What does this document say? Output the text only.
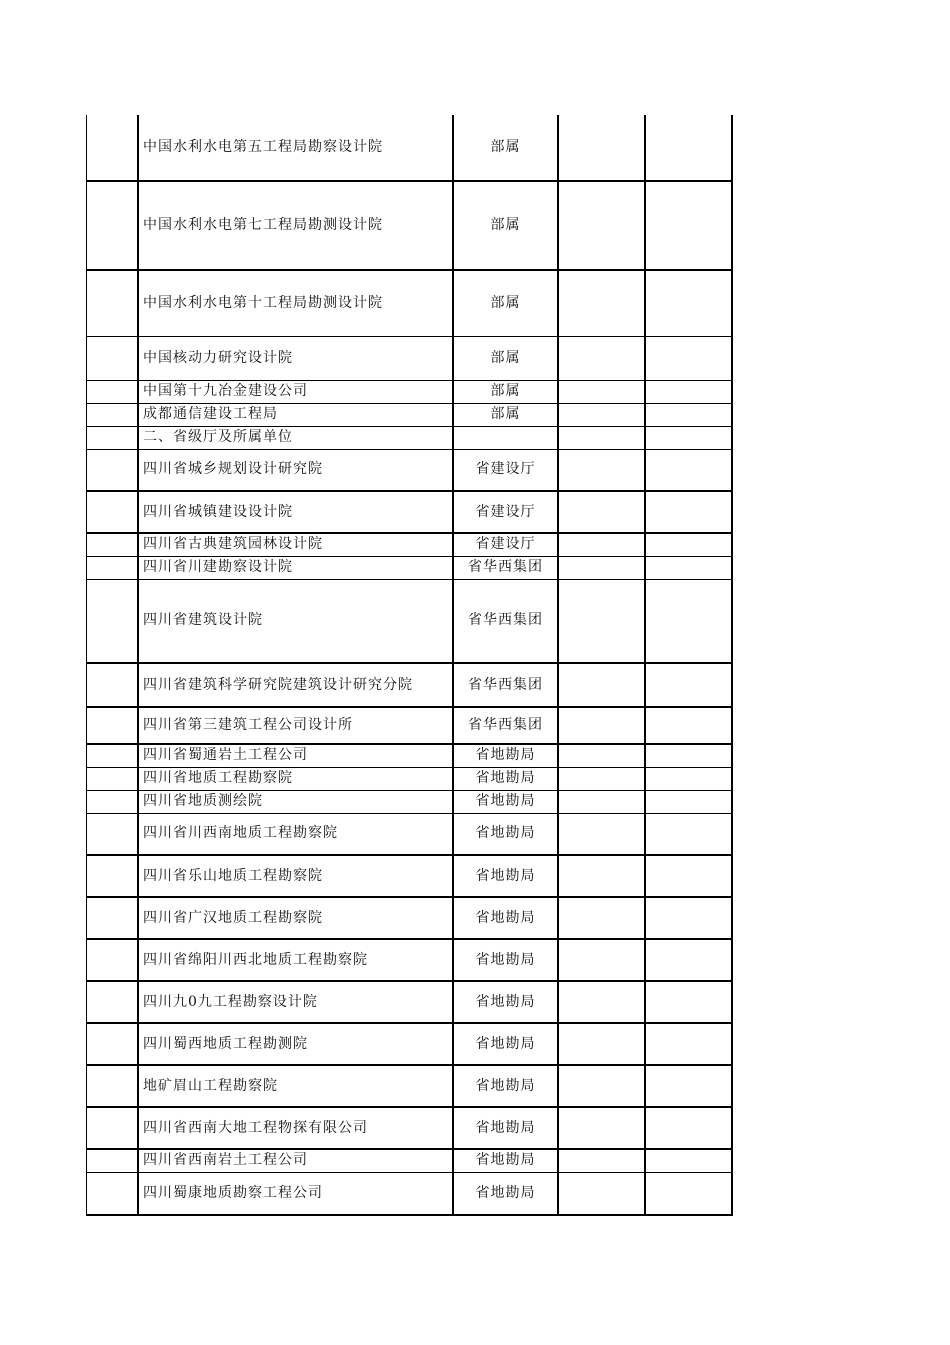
	中国水利水电第五工程局勘察设计院	部属		
	中国水利水电第七工程局勘测设计院	部属		
	中国水利水电第十工程局勘测设计院	部属		
	中国核动力研究设计院	部属		
	中国第十九冶金建设公司	部属		
	成都通信建设工程局	部属		
	二、省级厅及所属单位			
	四川省城乡规划设计研究院	省建设厅		
	四川省城镇建设设计院	省建设厅		
	四川省古典建筑园林设计院	省建设厅		
	四川省川建勘察设计院	省华西集团		
	四川省建筑设计院	省华西集团		
	四川省建筑科学研究院建筑设计研究分院	省华西集团		
	四川省第三建筑工程公司设计所	省华西集团		
	四川省蜀通岩土工程公司	省地勘局		
	四川省地质工程勘察院	省地勘局		
	四川省地质测绘院	省地勘局		
	四川省川西南地质工程勘察院	省地勘局		
	四川省乐山地质工程勘察院	省地勘局		
	四川省广汉地质工程勘察院	省地勘局		
	四川省绵阳川西北地质工程勘察院	省地勘局		
	四川九0九工程勘察设计院	省地勘局		
	四川蜀西地质工程勘测院	省地勘局		
	地矿眉山工程勘察院	省地勘局		
	四川省西南大地工程物探有限公司	省地勘局		
	四川省西南岩土工程公司	省地勘局		
	四川蜀康地质勘察工程公司	省地勘局		
